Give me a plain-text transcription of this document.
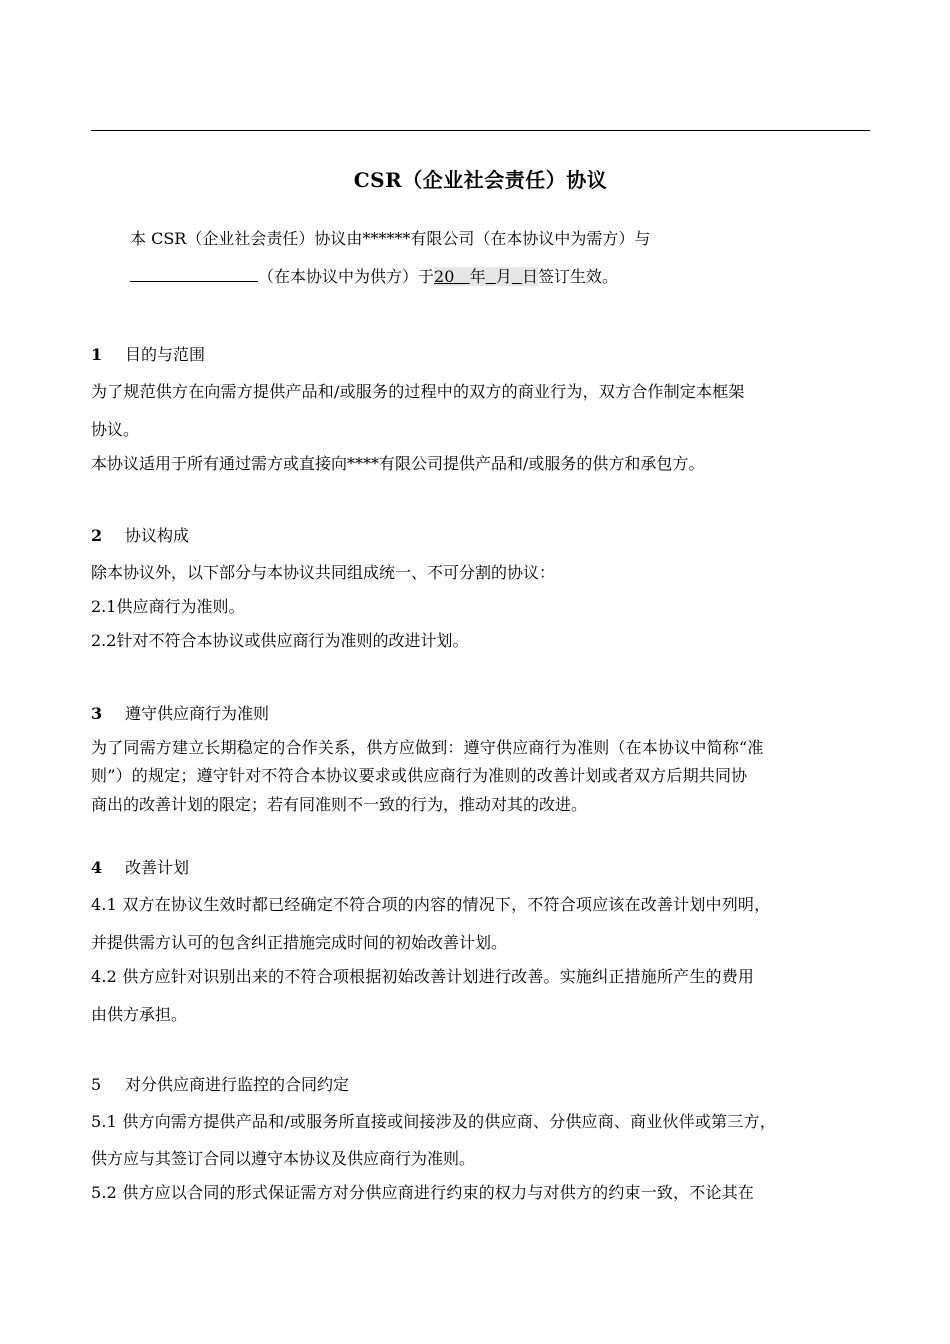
CSR（企业社会责任）协议
本 CSR（企业社会责任）协议由******有限公司（在本协议中为需方）与
（在本协议中为供方）于20 年 月 日签订生效。
1 目的与范围
为了规范供方在向需方提供产品和/或服务的过程中的双方的商业行为，双方合作制定本框架
协议。
本协议适用于所有通过需方或直接向****有限公司提供产品和/或服务的供方和承包方。
2 协议构成
除本协议外，以下部分与本协议共同组成统一、不可分割的协议：
2.1供应商行为准则。
2.2针对不符合本协议或供应商行为准则的改进计划。
3 遵守供应商行为准则
为了同需方建立长期稳定的合作关系，供方应做到：遵守供应商行为准则（在本协议中简称“准
则”）的规定；遵守针对不符合本协议要求或供应商行为准则的改善计划或者双方后期共同协
商出的改善计划的限定；若有同准则不一致的行为，推动对其的改进。
4 改善计划
4.1 双方在协议生效时都已经确定不符合项的内容的情况下，不符合项应该在改善计划中列明，
并提供需方认可的包含纠正措施完成时间的初始改善计划。
4.2 供方应针对识别出来的不符合项根据初始改善计划进行改善。实施纠正措施所产生的费用
由供方承担。
5 对分供应商进行监控的合同约定
5.1 供方向需方提供产品和/或服务所直接或间接涉及的供应商、分供应商、商业伙伴或第三方，
供方应与其签订合同以遵守本协议及供应商行为准则。
5.2 供方应以合同的形式保证需方对分供应商进行约束的权力与对供方的约束一致，不论其在
